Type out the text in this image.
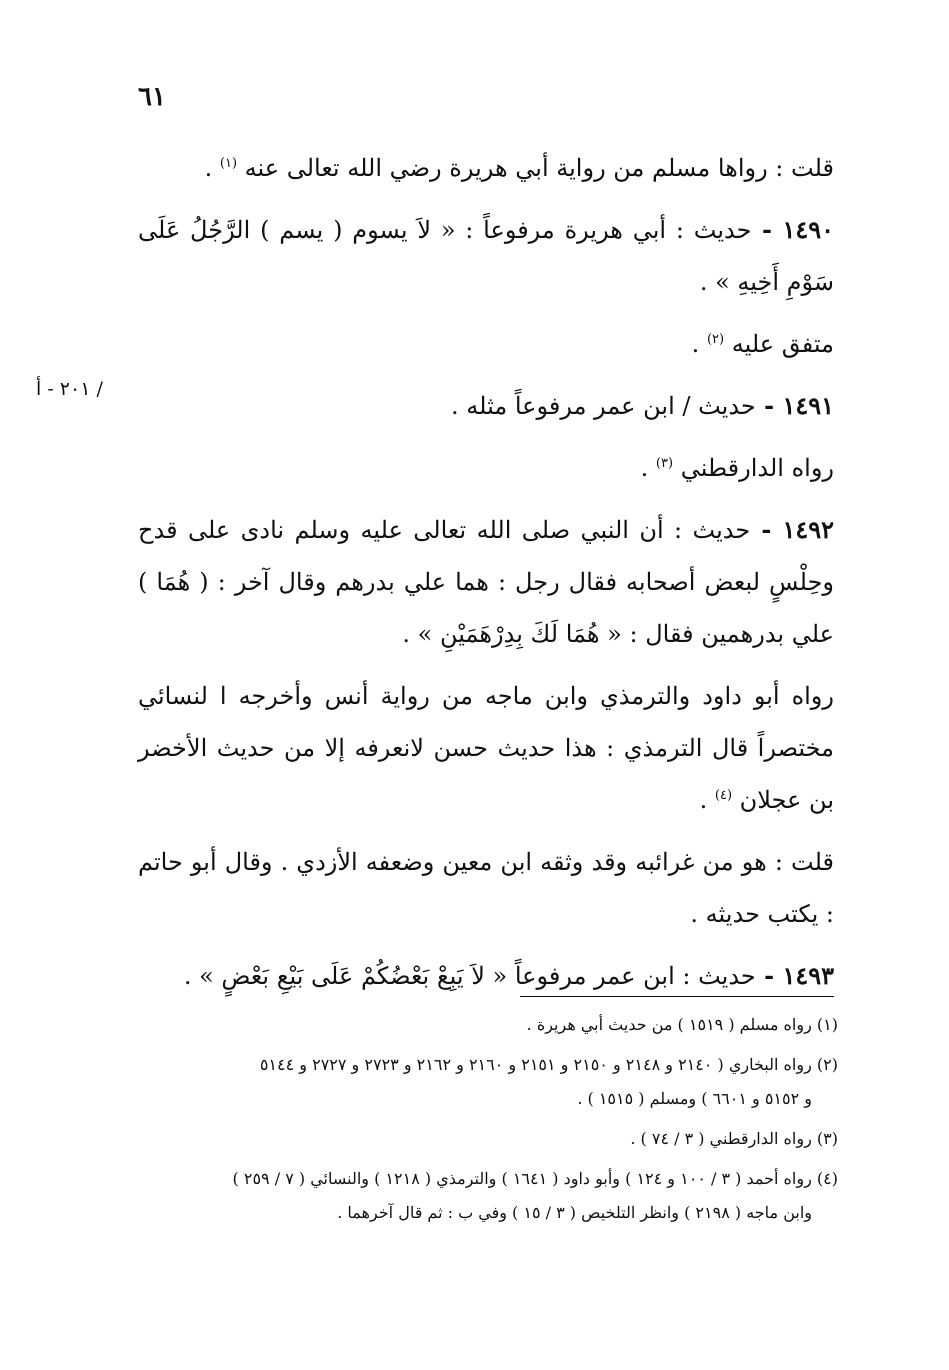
٦١
/ ٢٠١ - أ

قلت : رواها مسلم من رواية أبي هريرة رضي الله تعالى عنه $^{(١)}$ .

١٤٩٠ - حديث : أبي هريرة مرفوعاً : « لاَ يسوم ( يسم ) الرَّجُلُ عَلَى سَوْمِ أَخِيهِ » .

متفق عليه $^{(٢)}$ .

١٤٩١ - حديث / ابن عمر مرفوعاً مثله .

رواه الدارقطني $^{(٣)}$ .

١٤٩٢ - حديث : أن النبي صلى الله تعالى عليه وسلم نادى على قدح وحِلْسٍ لبعض أصحابه فقال رجل : هما علي بدرهم وقال آخر : ( هُمَا ) علي بدرهمين فقال : « هُمَا لَكَ بِدِرْهَمَيْنِ » .

رواه أبو داود والترمذي وابن ماجه من رواية أنس وأخرجه ا لنسائي مختصراً قال الترمذي : هذا حديث حسن لانعرفه إلا من حديث الأخضر بن عجلان $^{(٤)}$ .

قلت : هو من غرائبه وقد وثقه ابن معين وضعفه الأزدي . وقال أبو حاتم : يكتب حديثه .

١٤٩٣ - حديث : ابن عمر مرفوعاً « لاَ يَبِعْ بَعْضُكُمْ عَلَى بَيْعِ بَعْضٍ » .

(١) رواه مسلم ( ١٥١٩ ) من حديث أبي هريرة .
(٢) رواه البخاري ( ٢١٤٠ و ٢١٤٨ و ٢١٥٠ و ٢١٥١ و ٢١٦٠ و ٢١٦٢ و ٢٧٢٣ و ٢٧٢٧ و ٥١٤٤
و ٥١٥٢ و ٦٦٠١ ) ومسلم ( ١٥١٥ ) .
(٣) رواه الدارقطني ( ٣ / ٧٤ ) .
(٤) رواه أحمد ( ٣ / ١٠٠ و ١٢٤ ) وأبو داود ( ١٦٤١ ) والترمذي ( ١٢١٨ ) والنسائي ( ٧ / ٢٥٩ )
وابن ماجه ( ٢١٩٨ ) وانظر التلخيص ( ٣ / ١٥ ) وفي ب : ثم قال آخرهما .
